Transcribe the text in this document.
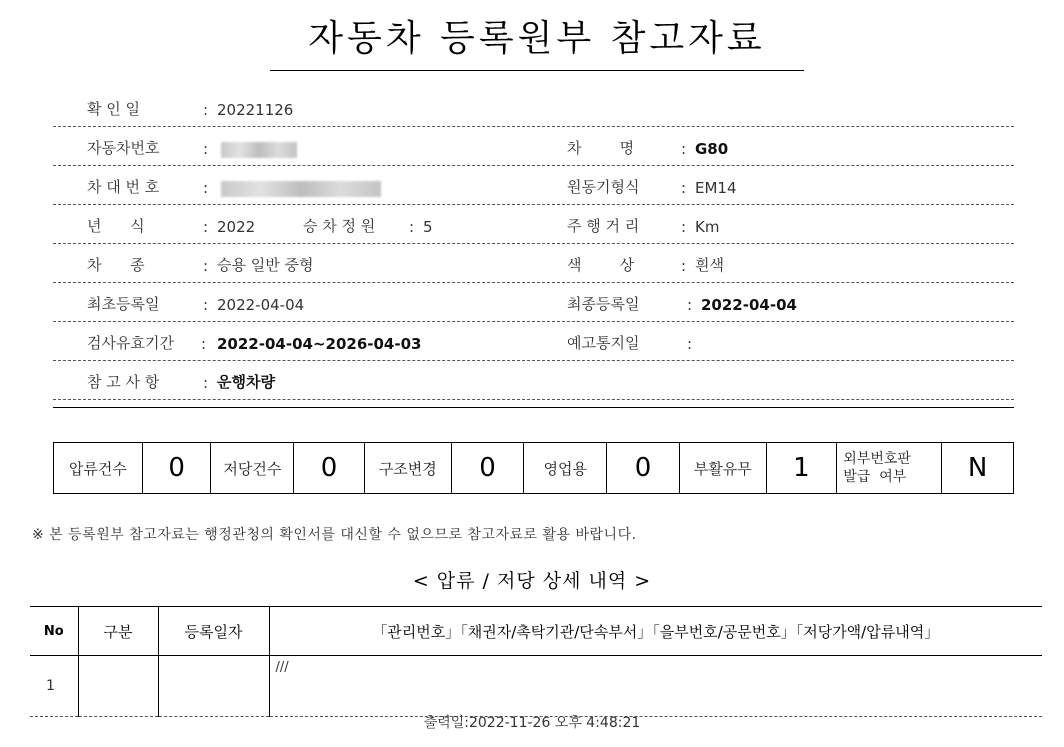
자동차 등록원부 참고자료
확 인 일	: 20221126
자동차번호	:	차        명	: G80
차 대 번 호	:	원동기형식	: EM14
년      식	: 2022	승 차 정 원 : 5	주 행 거 리	: Km
차      종	: 승용 일반 중형	색        상	: 흰색
최초등록일	: 2022-04-04	최종등록일	: 2022-04-04
검사유효기간 : 2022-04-04~2026-04-03	예고통지일	:
참 고 사 항	: 운행차량
압류건수	0	저당건수	0	구조변경	0	영업용	0	부활유무	1	외부번호판
발급  여부	N
※ 본 등록원부 참고자료는 행정관청의 확인서를 대신할 수 없으므로 참고자료로 활용 바랍니다.
< 압류 / 저당 상세 내역 >
No	구분	등록일자	「관리번호」「채권자/촉탁기관/단속부서」「을부번호/공문번호」「저당가액/압류내역」
1			///
출력일:2022-11-26 오후 4:48:21
